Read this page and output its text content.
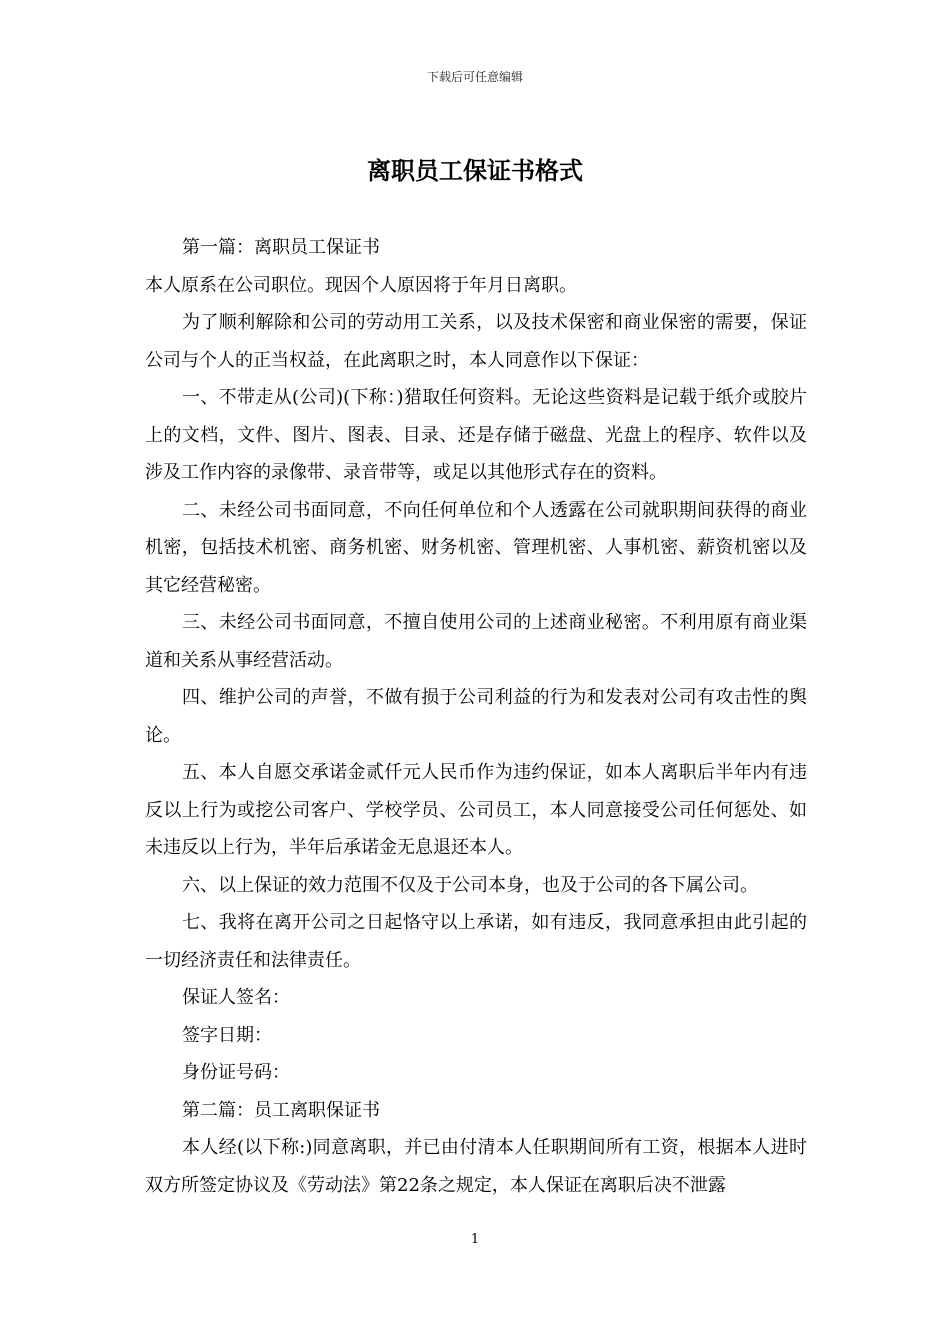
下载后可任意编辑
离职员工保证书格式

第一篇：离职员工保证书

本人原系在公司职位。现因个人原因将于年月日离职。

为了顺利解除和公司的劳动用工关系，以及技术保密和商业保密的需要，保证公司与个人的正当权益，在此离职之时，本人同意作以下保证：

一、不带走从(公司)(下称：)猎取任何资料。无论这些资料是记载于纸介或胶片上的文档，文件、图片、图表、目录、还是存储于磁盘、光盘上的程序、软件以及涉及工作内容的录像带、录音带等，或足以其他形式存在的资料。

二、未经公司书面同意，不向任何单位和个人透露在公司就职期间获得的商业机密，包括技术机密、商务机密、财务机密、管理机密、人事机密、薪资机密以及其它经营秘密。

三、未经公司书面同意，不擅自使用公司的上述商业秘密。不利用原有商业渠道和关系从事经营活动。

四、维护公司的声誉，不做有损于公司利益的行为和发表对公司有攻击性的舆论。

五、本人自愿交承诺金贰仟元人民币作为违约保证，如本人离职后半年内有违反以上行为或挖公司客户、学校学员、公司员工，本人同意接受公司任何惩处、如未违反以上行为，半年后承诺金无息退还本人。

六、以上保证的效力范围不仅及于公司本身，也及于公司的各下属公司。

七、我将在离开公司之日起恪守以上承诺，如有违反，我同意承担由此引起的一切经济责任和法律责任。

保证人签名：

签字日期：

身份证号码：

第二篇：员工离职保证书

本人经(以下称:)同意离职，并已由付清本人任职期间所有工资，根据本人进时双方所签定协议及《劳动法》第22条之规定，本人保证在离职后决不泄露

1
